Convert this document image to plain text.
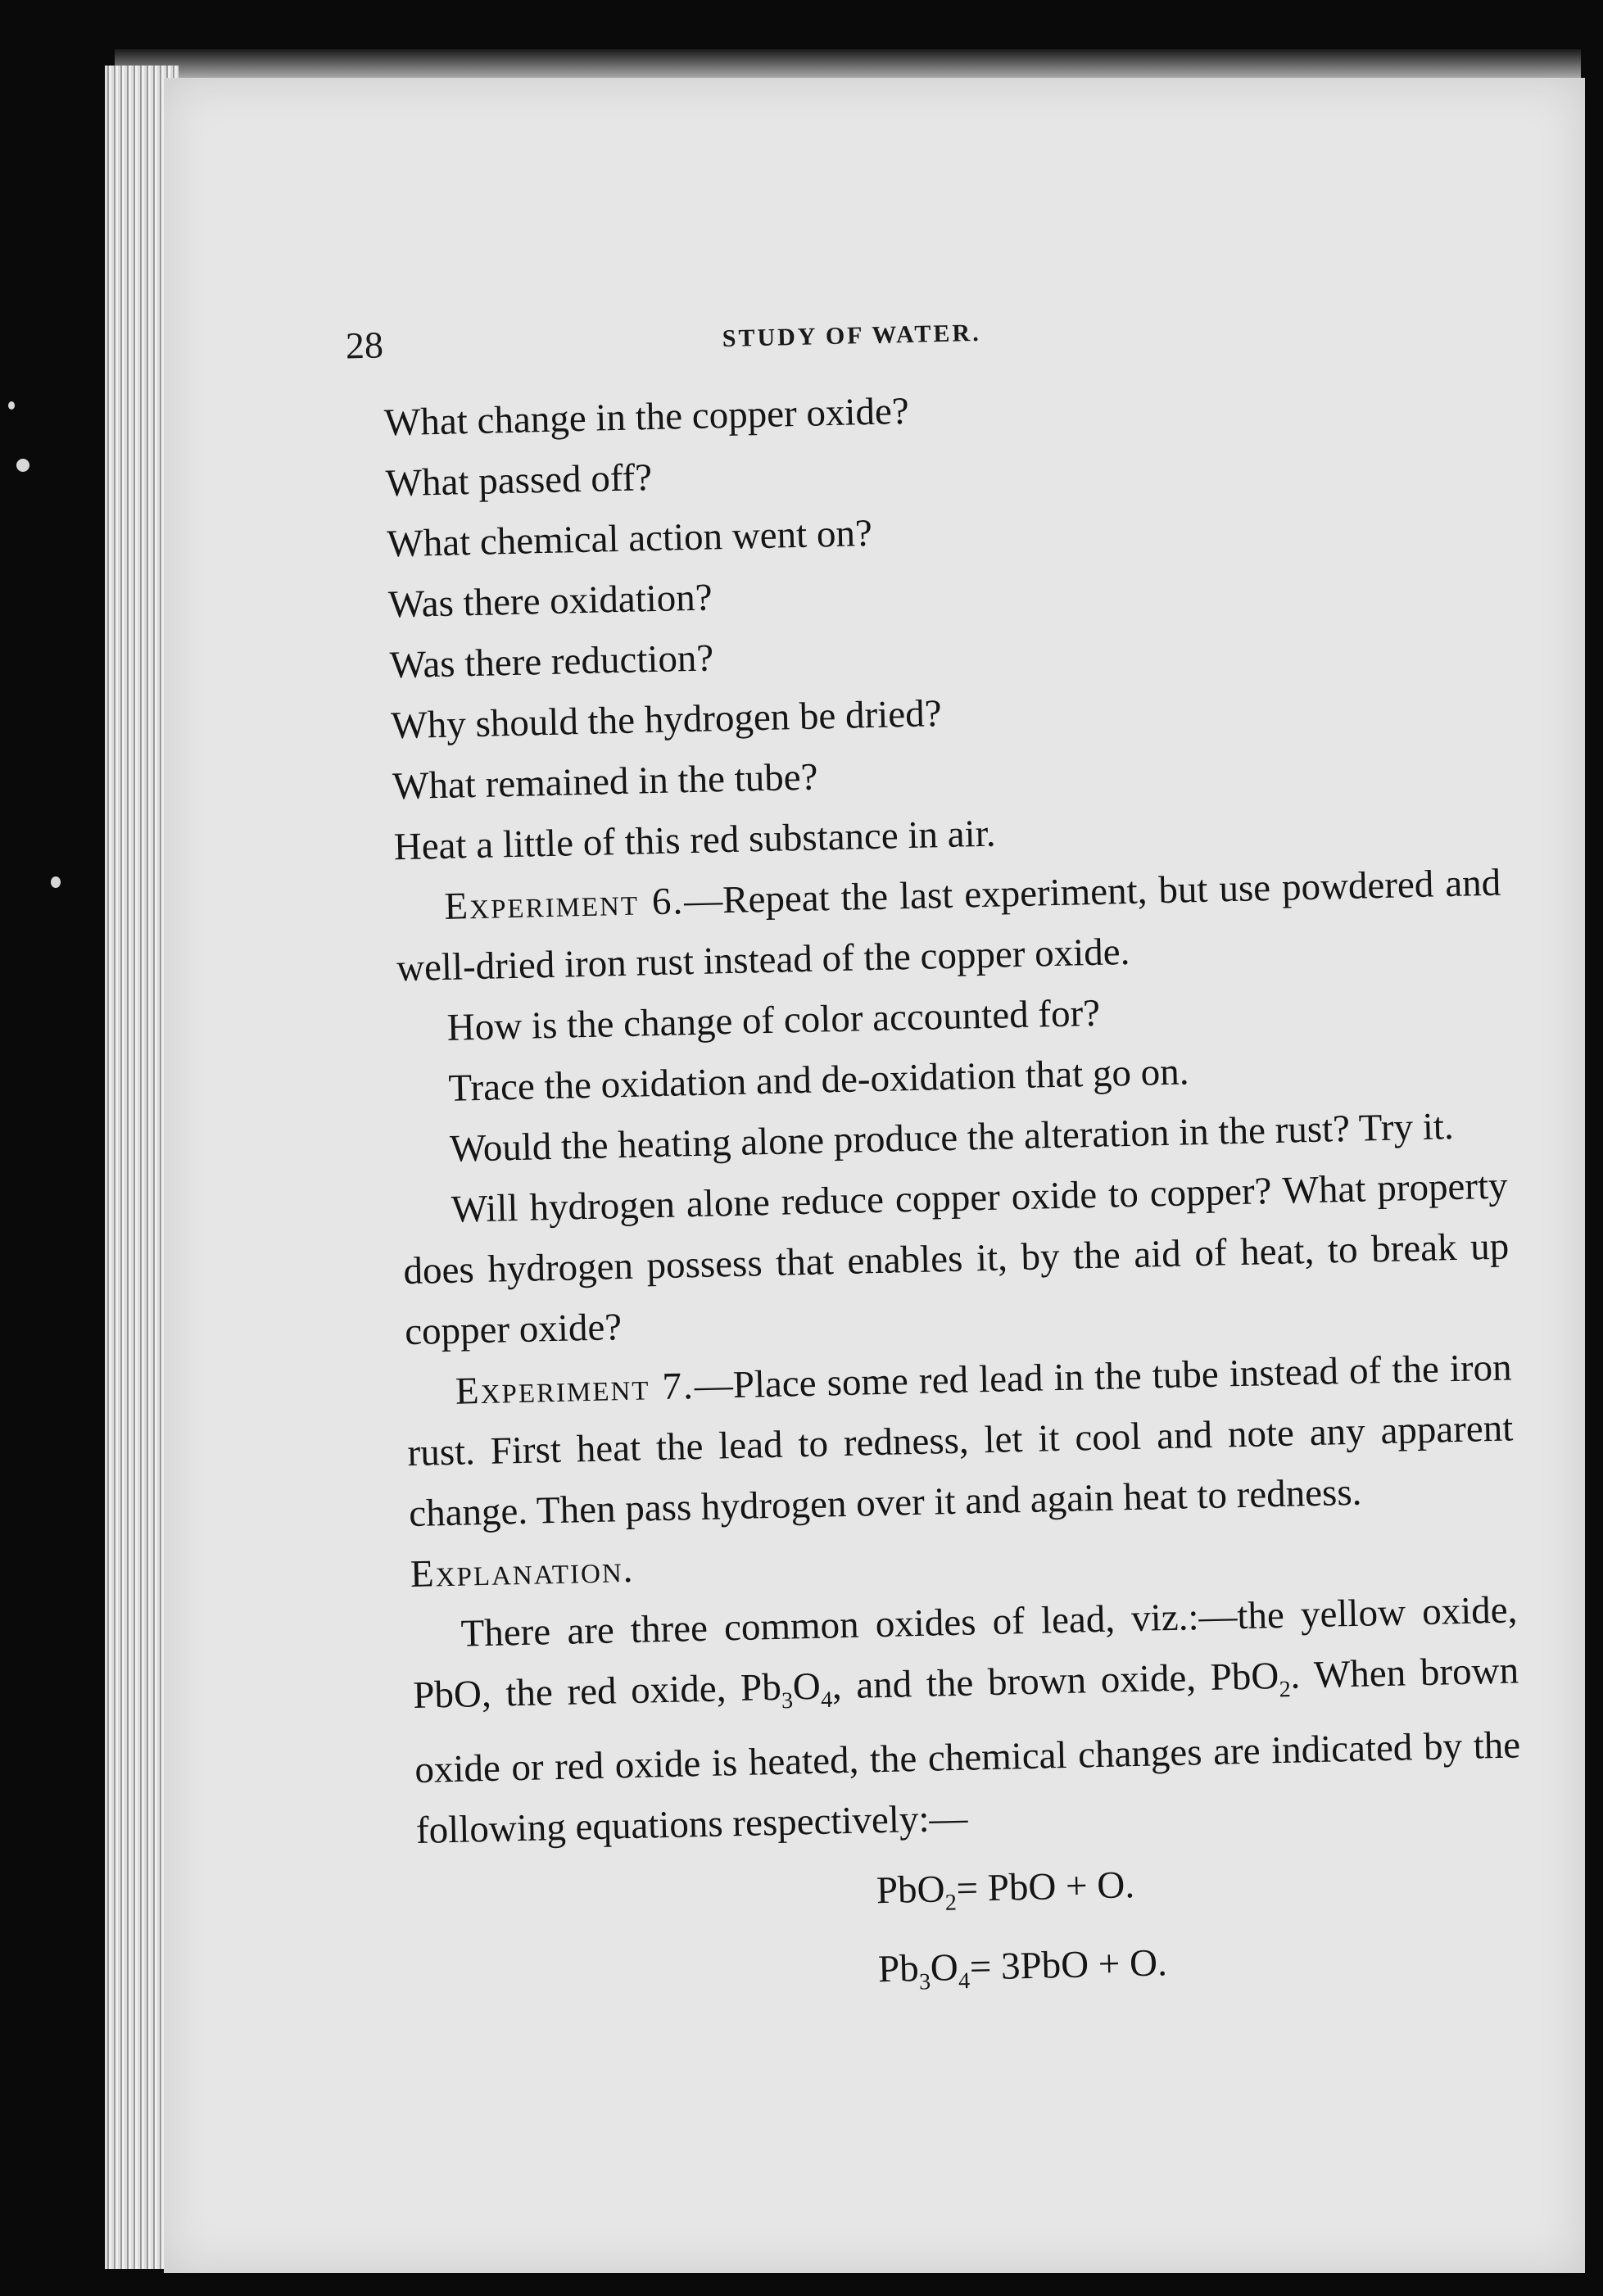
28	STUDY OF WATER.
What change in the copper oxide?
What passed off?
What chemical action went on?
Was there oxidation?
Was there reduction?
Why should the hydrogen be dried?
What remained in the tube?
Heat a little of this red substance in air.
Experiment 6.—Repeat the last experiment, but use powdered and well-dried iron rust instead of the copper oxide.
How is the change of color accounted for?
Trace the oxidation and de-oxidation that go on.
Would the heating alone produce the alteration in the rust? Try it.
Will hydrogen alone reduce copper oxide to copper? What property does hydrogen possess that enables it, by the aid of heat, to break up copper oxide?
Experiment 7.—Place some red lead in the tube instead of the iron rust. First heat the lead to redness, let it cool and note any apparent change. Then pass hydrogen over it and again heat to redness.
Explanation.
There are three common oxides of lead, viz.:—the yellow oxide, PbO, the red oxide, $Pb_3O_4$, and the brown oxide, PbO$_2$. When brown oxide or red oxide is heated, the chemical changes are indicated by the following equations respectively:—
PbO$_2$= PbO + O.
$Pb_3O_4= 3PbO + O$.
